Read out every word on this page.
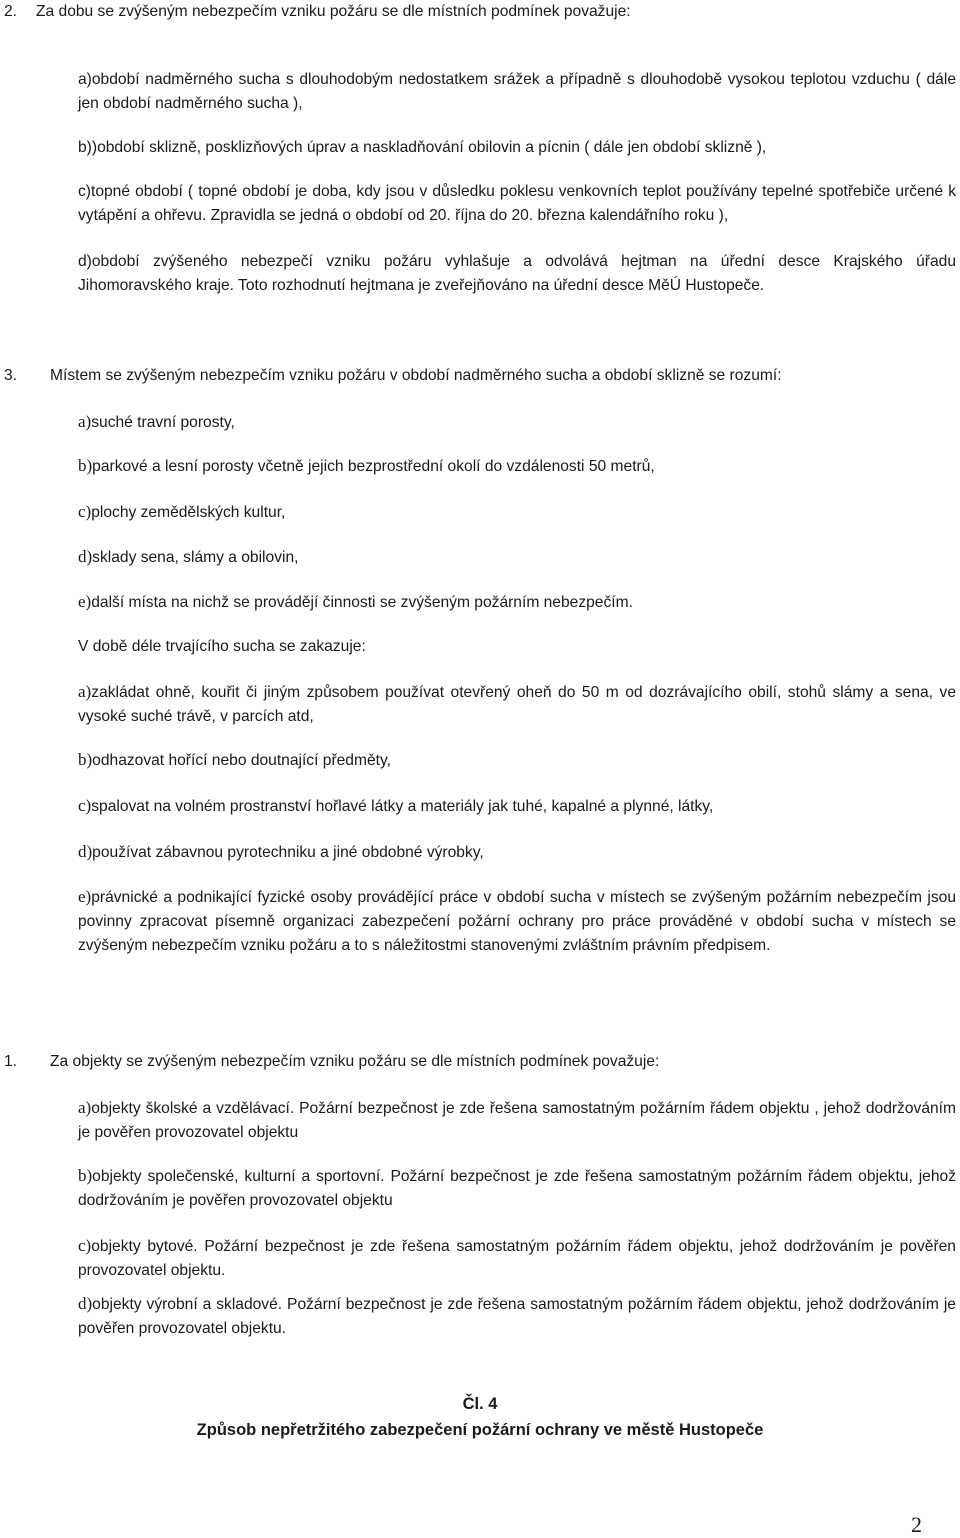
2. Za dobu se zvýšeným nebezpečím vzniku požáru se dle místních podmínek považuje:

a)období nadměrného sucha s dlouhodobým nedostatkem srážek a případně s dlouhodobě vysokou teplotou vzduchu ( dále jen období nadměrného sucha ),

b))období sklizně, posklizňových úprav a naskladňování obilovin a pícnin ( dále jen období sklizně ),

c)topné období ( topné období je doba, kdy jsou v důsledku poklesu venkovních teplot používány tepelné spotřebiče určené k vytápění a ohřevu. Zpravidla se jedná o období od 20. října do 20. března kalendářního roku ),

d)období zvýšeného nebezpečí vzniku požáru vyhlašuje a odvolává hejtman na úřední desce Krajského úřadu Jihomoravského kraje. Toto rozhodnutí hejtmana je zveřejňováno na úřední desce MěÚ Hustopeče.

3. Místem se zvýšeným nebezpečím vzniku požáru v období nadměrného sucha a období sklizně se rozumí:

a)suché travní porosty,

b)parkové a lesní porosty včetně jejich bezprostřední okolí do vzdálenosti 50 metrů,

c)plochy zemědělských kultur,

d)sklady sena, slámy a obilovin,

e)další místa na nichž se provádějí činnosti se zvýšeným požárním nebezpečím.

V době déle trvajícího sucha se zakazuje:

a)zakládat ohně, kouřit či jiným způsobem používat otevřený oheň do 50 m od dozrávajícího obilí, stohů slámy a sena, ve vysoké suché trávě, v parcích atd,

b)odhazovat hořící nebo doutnající předměty,

c)spalovat na volném prostranství hořlavé látky a materiály jak tuhé, kapalné a plynné, látky,

d)používat zábavnou pyrotechniku a jiné obdobné výrobky,

e)právnické a podnikající fyzické osoby provádějící práce v období sucha v místech se zvýšeným požárním nebezpečím jsou povinny zpracovat písemně organizaci zabezpečení požární ochrany pro práce prováděné v období sucha v místech se zvýšeným nebezpečím vzniku požáru a to s náležitostmi stanovenými zvláštním právním předpisem.

1. Za objekty se zvýšeným nebezpečím vzniku požáru se dle místních podmínek považuje:

a)objekty školské a vzdělávací. Požární bezpečnost je zde řešena samostatným požárním řádem objektu , jehož dodržováním je pověřen provozovatel objektu

b)objekty společenské, kulturní a sportovní. Požární bezpečnost je zde řešena samostatným požárním řádem objektu, jehož dodržováním je pověřen provozovatel objektu

c)objekty bytové. Požární bezpečnost je zde řešena samostatným požárním řádem objektu, jehož dodržováním je pověřen provozovatel objektu.

d)objekty výrobní a skladové. Požární bezpečnost je zde řešena samostatným požárním řádem objektu, jehož dodržováním je pověřen provozovatel objektu.

Čl. 4
Způsob nepřetržitého zabezpečení požární ochrany ve městě Hustopeče
2
